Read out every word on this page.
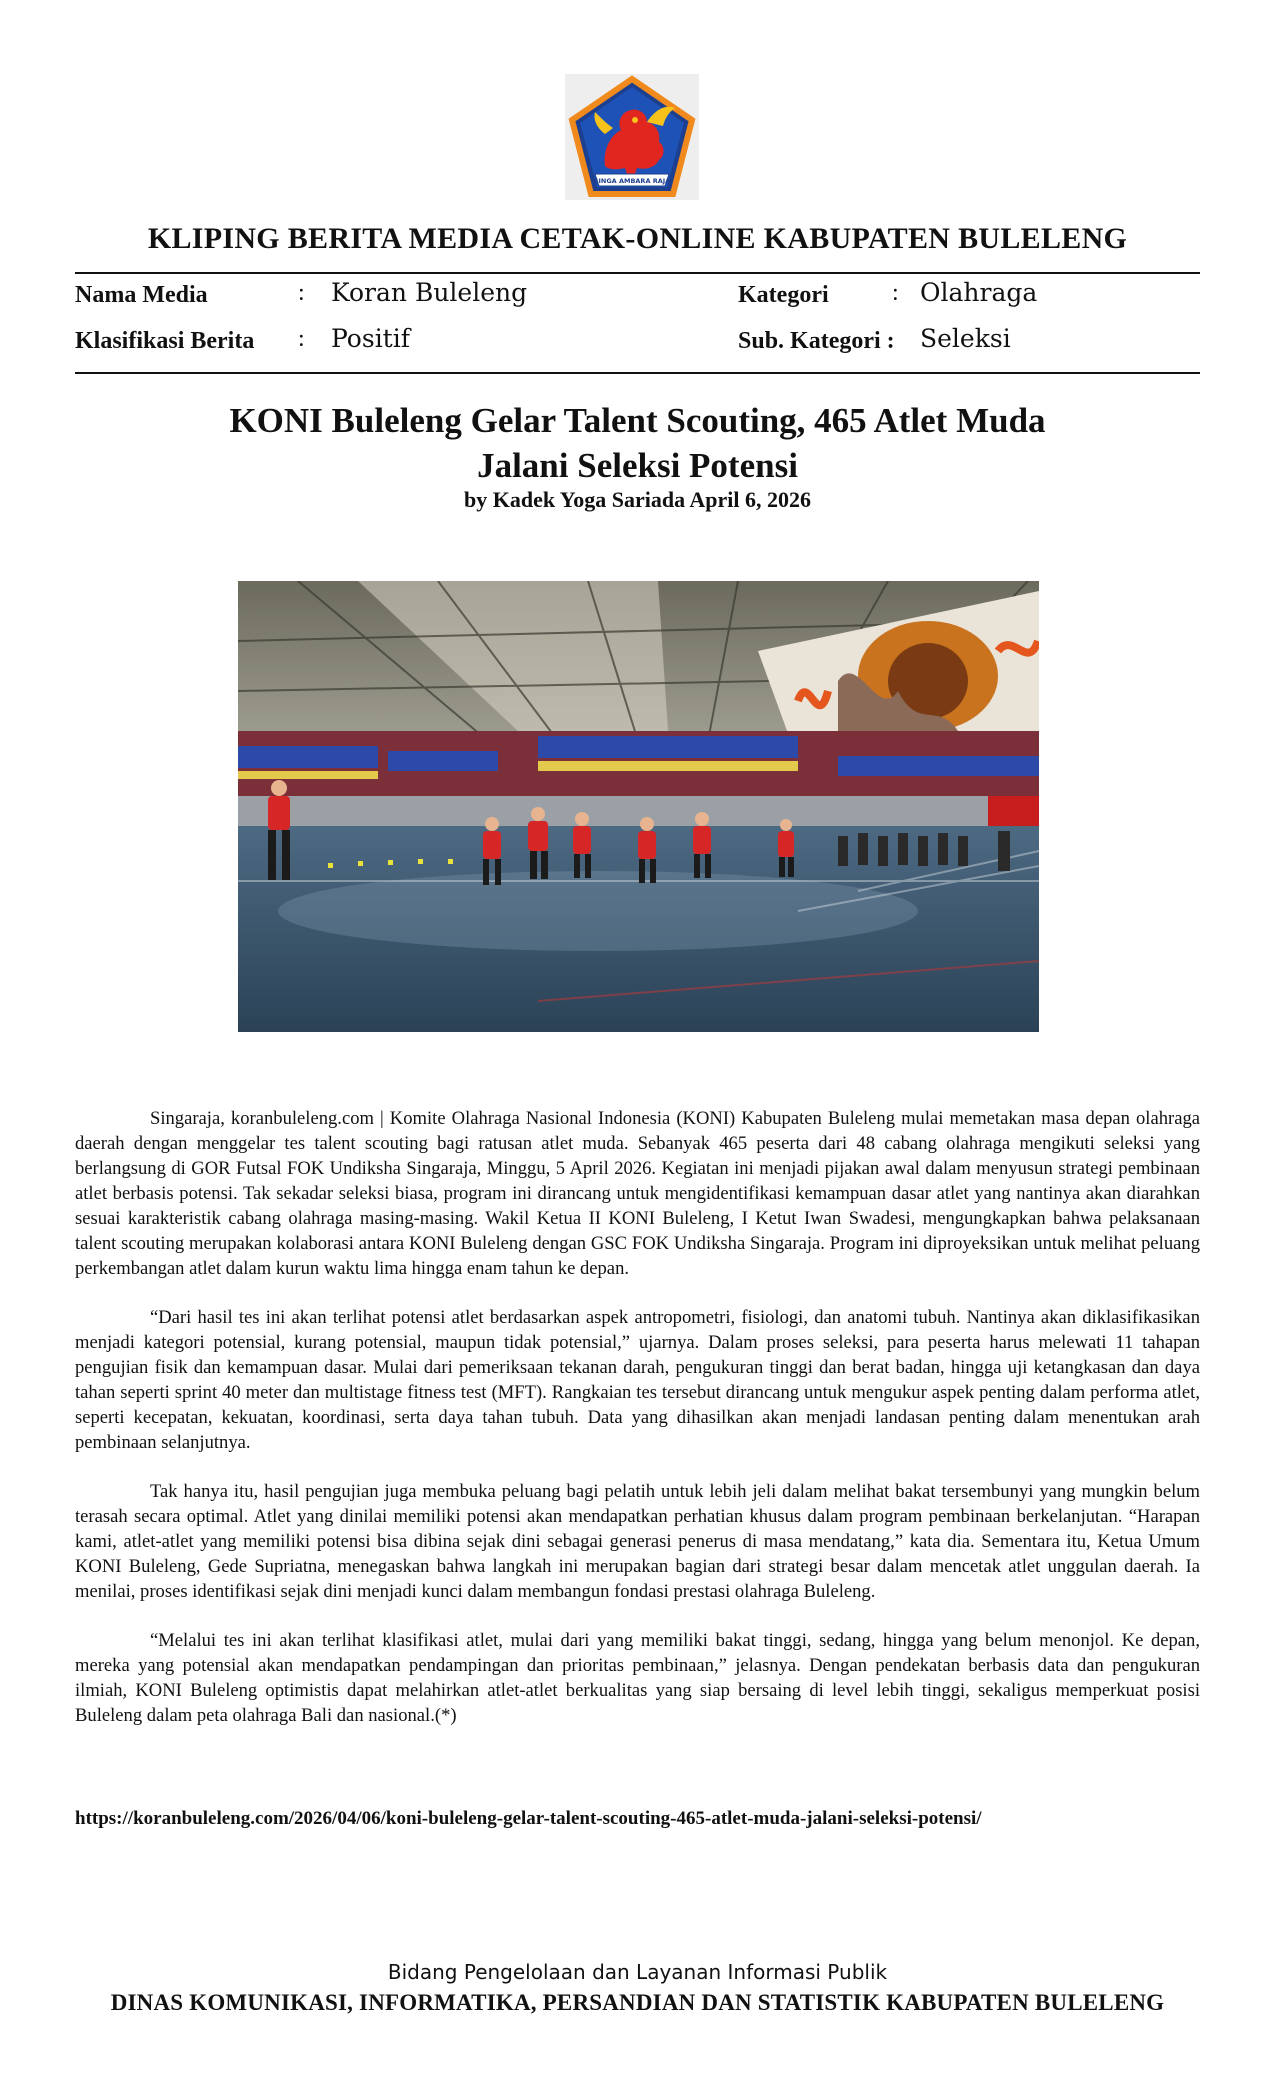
SINGA AMBARA RAJA
KLIPING BERITA MEDIA CETAK-ONLINE KABUPATEN BULELENG
Nama Media	: Koran Buleleng	Kategori	: Olahraga
Klasifikasi Berita : Positif	Sub. Kategori : Seleksi
KONI Buleleng Gelar Talent Scouting, 465 Atlet Muda
Jalani Seleksi Potensi
by Kadek Yoga Sariada April 6, 2026

Singaraja, koranbuleleng.com | Komite Olahraga Nasional Indonesia (KONI) Kabupaten Buleleng mulai memetakan masa depan olahraga daerah dengan menggelar tes talent scouting bagi ratusan atlet muda. Sebanyak 465 peserta dari 48 cabang olahraga mengikuti seleksi yang berlangsung di GOR Futsal FOK Undiksha Singaraja, Minggu, 5 April 2026. Kegiatan ini menjadi pijakan awal dalam menyusun strategi pembinaan atlet berbasis potensi. Tak sekadar seleksi biasa, program ini dirancang untuk mengidentifikasi kemampuan dasar atlet yang nantinya akan diarahkan sesuai karakteristik cabang olahraga masing-masing. Wakil Ketua II KONI Buleleng, I Ketut Iwan Swadesi, mengungkapkan bahwa pelaksanaan talent scouting merupakan kolaborasi antara KONI Buleleng dengan GSC FOK Undiksha Singaraja. Program ini diproyeksikan untuk melihat peluang perkembangan atlet dalam kurun waktu lima hingga enam tahun ke depan.

“Dari hasil tes ini akan terlihat potensi atlet berdasarkan aspek antropometri, fisiologi, dan anatomi tubuh. Nantinya akan diklasifikasikan menjadi kategori potensial, kurang potensial, maupun tidak potensial,” ujarnya. Dalam proses seleksi, para peserta harus melewati 11 tahapan pengujian fisik dan kemampuan dasar. Mulai dari pemeriksaan tekanan darah, pengukuran tinggi dan berat badan, hingga uji ketangkasan dan daya tahan seperti sprint 40 meter dan multistage fitness test (MFT). Rangkaian tes tersebut dirancang untuk mengukur aspek penting dalam performa atlet, seperti kecepatan, kekuatan, koordinasi, serta daya tahan tubuh. Data yang dihasilkan akan menjadi landasan penting dalam menentukan arah pembinaan selanjutnya.

Tak hanya itu, hasil pengujian juga membuka peluang bagi pelatih untuk lebih jeli dalam melihat bakat tersembunyi yang mungkin belum terasah secara optimal. Atlet yang dinilai memiliki potensi akan mendapatkan perhatian khusus dalam program pembinaan berkelanjutan. “Harapan kami, atlet-atlet yang memiliki potensi bisa dibina sejak dini sebagai generasi penerus di masa mendatang,” kata dia. Sementara itu, Ketua Umum KONI Buleleng, Gede Supriatna, menegaskan bahwa langkah ini merupakan bagian dari strategi besar dalam mencetak atlet unggulan daerah. Ia menilai, proses identifikasi sejak dini menjadi kunci dalam membangun fondasi prestasi olahraga Buleleng.

“Melalui tes ini akan terlihat klasifikasi atlet, mulai dari yang memiliki bakat tinggi, sedang, hingga yang belum menonjol. Ke depan, mereka yang potensial akan mendapatkan pendampingan dan prioritas pembinaan,” jelasnya. Dengan pendekatan berbasis data dan pengukuran ilmiah, KONI Buleleng optimistis dapat melahirkan atlet-atlet berkualitas yang siap bersaing di level lebih tinggi, sekaligus memperkuat posisi Buleleng dalam peta olahraga Bali dan nasional.(*)

https://koranbuleleng.com/2026/04/06/koni-buleleng-gelar-talent-scouting-465-atlet-muda-jalani-seleksi-potensi/
Bidang Pengelolaan dan Layanan Informasi Publik
DINAS KOMUNIKASI, INFORMATIKA, PERSANDIAN DAN STATISTIK KABUPATEN BULELENG
